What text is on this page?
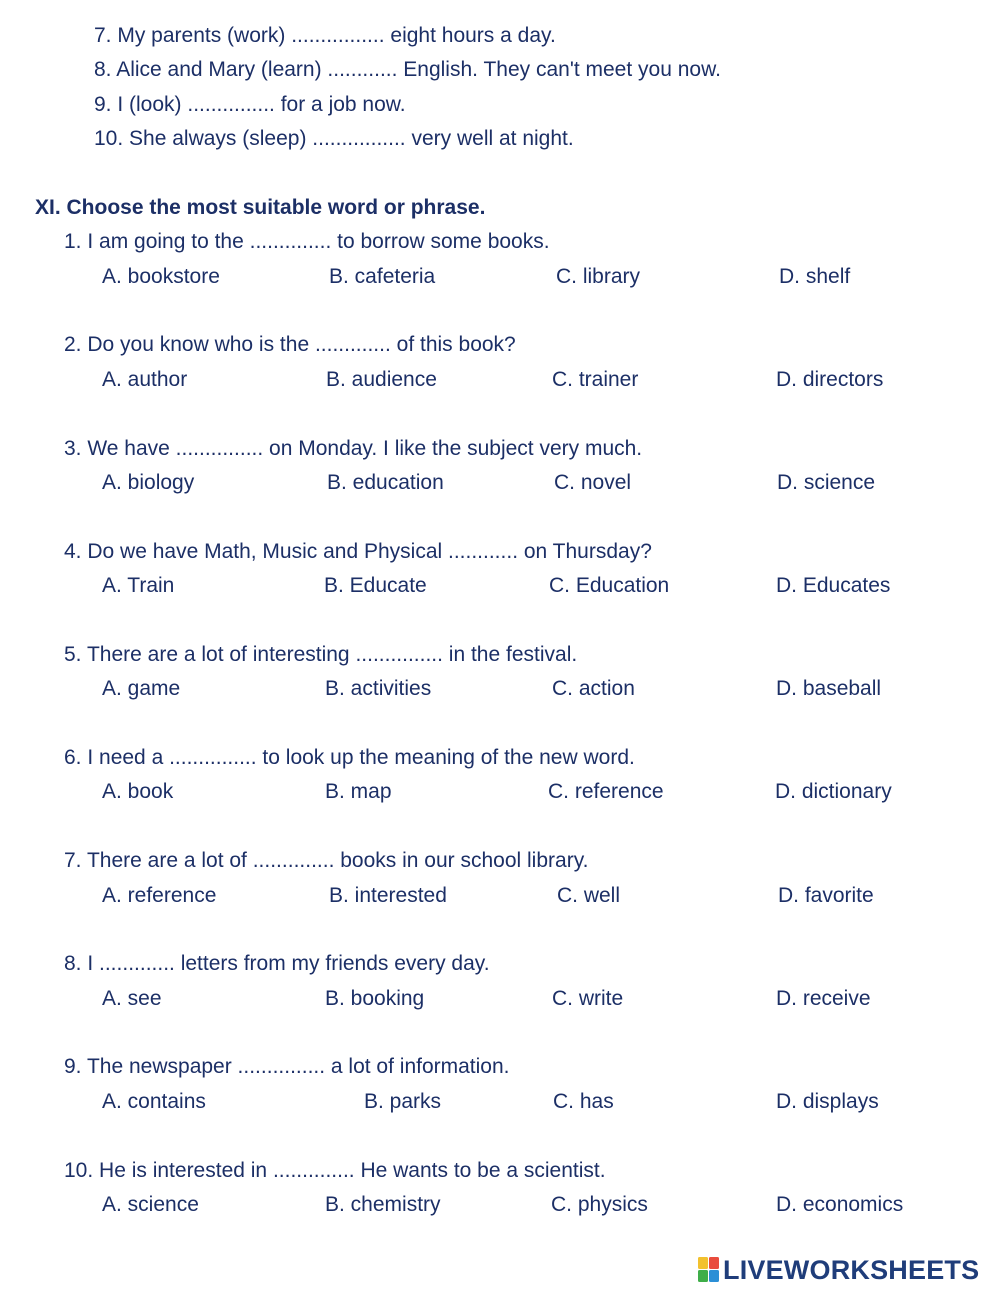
7. My parents (work) ................ eight hours a day.
8. Alice and Mary (learn) ............ English. They can't meet you now.
9. I (look) ............... for a job now.
10. She always (sleep) ................ very well at night.
XI. Choose the most suitable word or phrase.
1. I am going to the .............. to borrow some books.
A. bookstore	B. cafeteria	C. library	D. shelf
2. Do you know who is the ............. of this book?
A. author	B. audience	C. trainer	D. directors
3. We have ............... on Monday. I like the subject very much.
A. biology	B. education	C. novel	D. science
4. Do we have Math, Music and Physical ............ on Thursday?
A. Train	B. Educate	C. Education	D. Educates
5. There are a lot of interesting ............... in the festival.
A. game	B. activities	C. action	D. baseball
6. I need a ............... to look up the meaning of the new word.
A. book	B. map	C. reference	D. dictionary
7. There are a lot of .............. books in our school library.
A. reference	B. interested	C. well	D. favorite
8. I ............. letters from my friends every day.
A. see	B. booking	C. write	D. receive
9. The newspaper ............... a lot of information.
A. contains	B. parks	C. has	D. displays
10. He is interested in .............. He wants to be a scientist.
A. science	B. chemistry	C. physics	D. economics
LIVEWORKSHEETS
